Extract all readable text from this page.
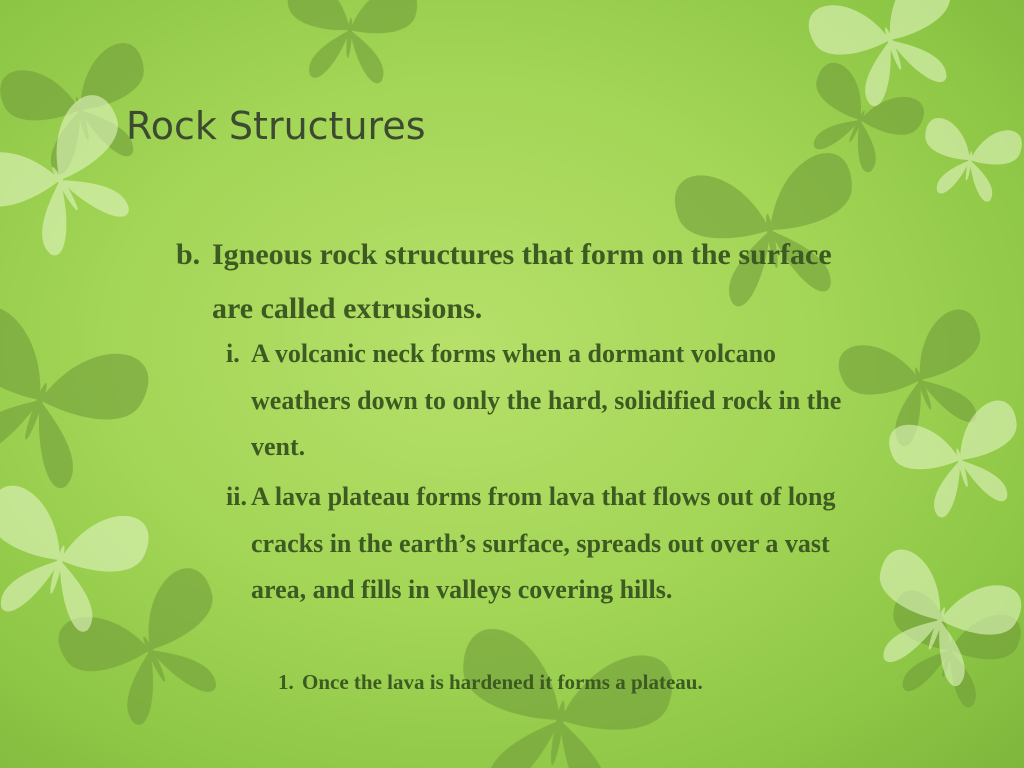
Rock Structures
b. Igneous rock structures that form on the surface are called extrusions.
i. A volcanic neck forms when a dormant volcano weathers down to only the hard, solidified rock in the vent.
ii. A lava plateau forms from lava that flows out of long cracks in the earth’s surface, spreads out over a vast area, and fills in valleys covering hills.
1. Once the lava is hardened it forms a plateau.
